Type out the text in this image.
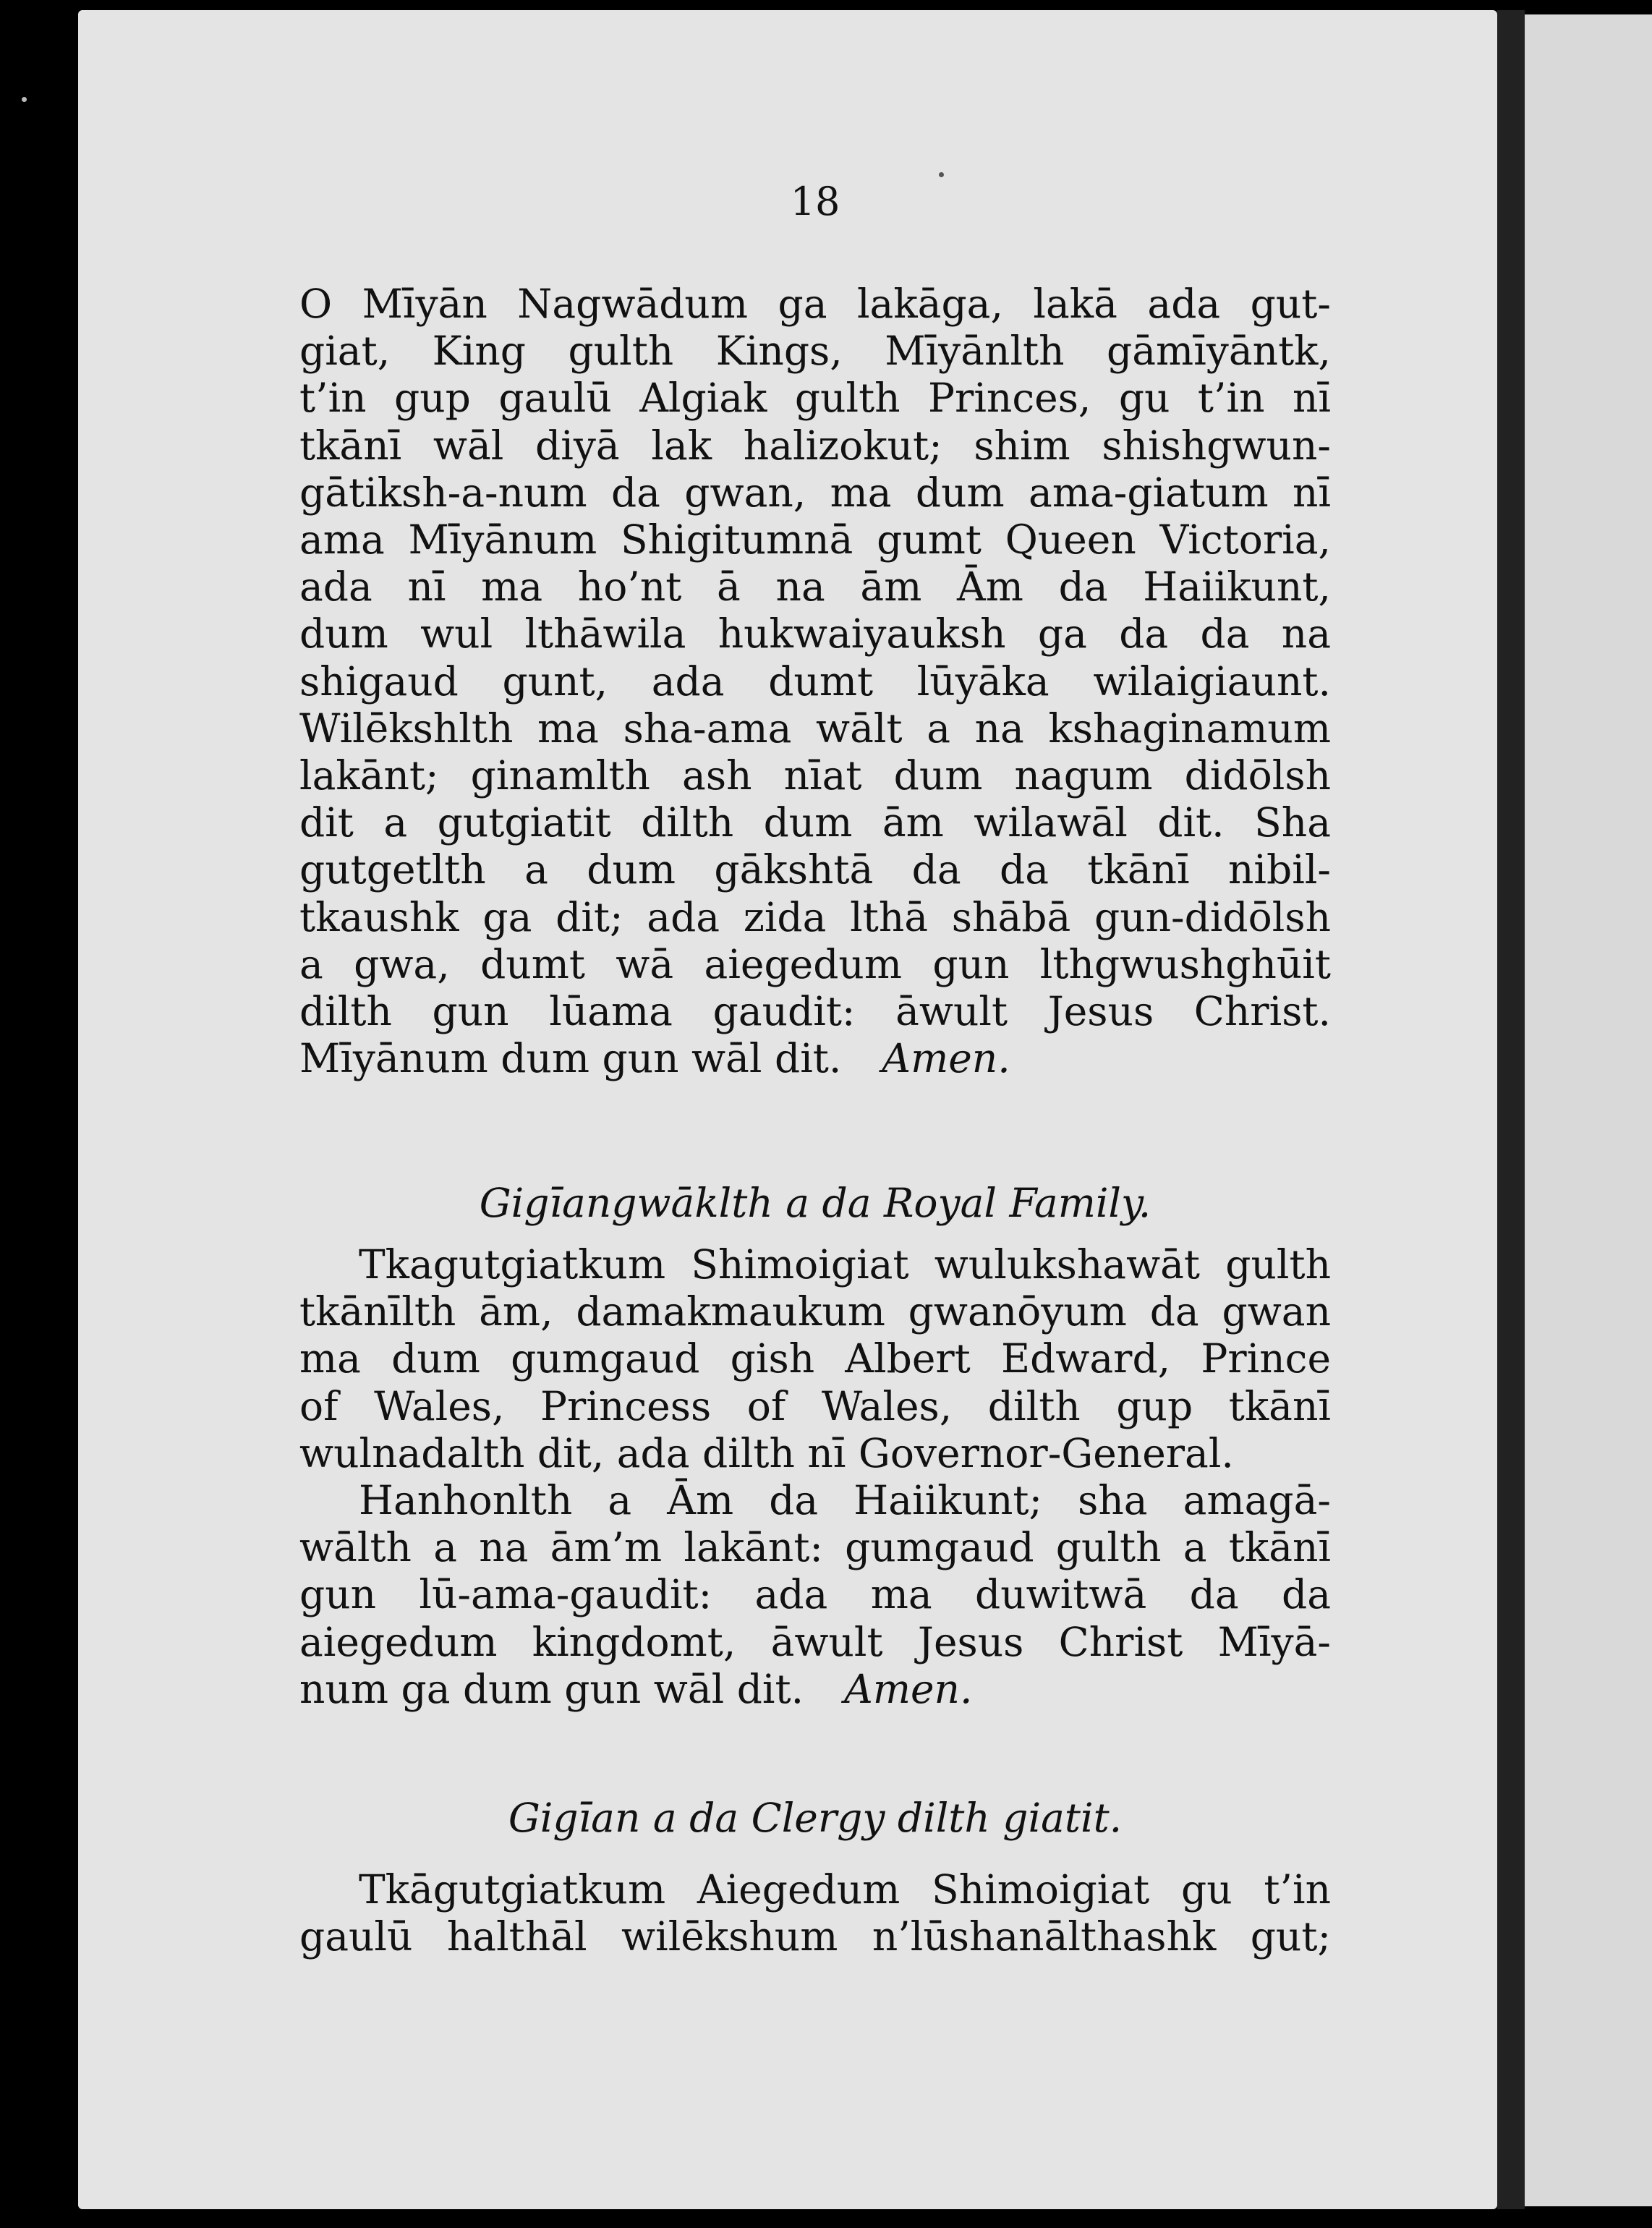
18

O Mīyān Nagwādum ga lakāga, lakā ada gut-

giat, King gulth Kings, Mīyānlth gāmīyāntk,

t’in gup gaulū Algiak gulth Princes, gu t’in nī

tkānī wāl diyā lak halizokut; shim shishgwun-

gātiksh-a-num da gwan, ma dum ama-giatum nī

ama Mīyānum Shigitumnā gumt Queen Victoria,

ada nī ma ho’nt ā na ām Ām da Haiikunt,

dum wul lthāwila hukwaiyauksh ga da da na

shigaud gunt, ada dumt lūyāka wilaigiaunt.

Wilēkshlth ma sha-ama wālt a na kshaginamum

lakānt; ginamlth ash nīat dum nagum didōlsh

dit a gutgiatit dilth dum ām wilawāl dit. Sha

gutgetlth a dum gākshtā da da tkānī nibil-

tkaushk ga dit; ada zida lthā shābā gun-didōlsh

a gwa, dumt wā aiegedum gun lthgwushghūit

dilth gun lūama gaudit: āwult Jesus Christ.

Mīyānum dum gun wāl dit. Amen.

Gigīangwāklth a da Royal Family.

Tkagutgiatkum Shimoigiat wulukshawāt gulth

tkānīlth ām, damakmaukum gwanōyum da gwan

ma dum gumgaud gish Albert Edward, Prince

of Wales, Princess of Wales, dilth gup tkānī

wulnadalth dit, ada dilth nī Governor-General.

Hanhonlth a Ām da Haiikunt; sha amagā-

wālth a na ām’m lakānt: gumgaud gulth a tkānī

gun lū-ama-gaudit: ada ma duwitwā da da

aiegedum kingdomt, āwult Jesus Christ Mīyā-

num ga dum gun wāl dit. Amen.

Gigīan a da Clergy dilth giatit.

Tkāgutgiatkum Aiegedum Shimoigiat gu t’in

gaulū halthāl wilēkshum n’lūshanālthashk gut;
